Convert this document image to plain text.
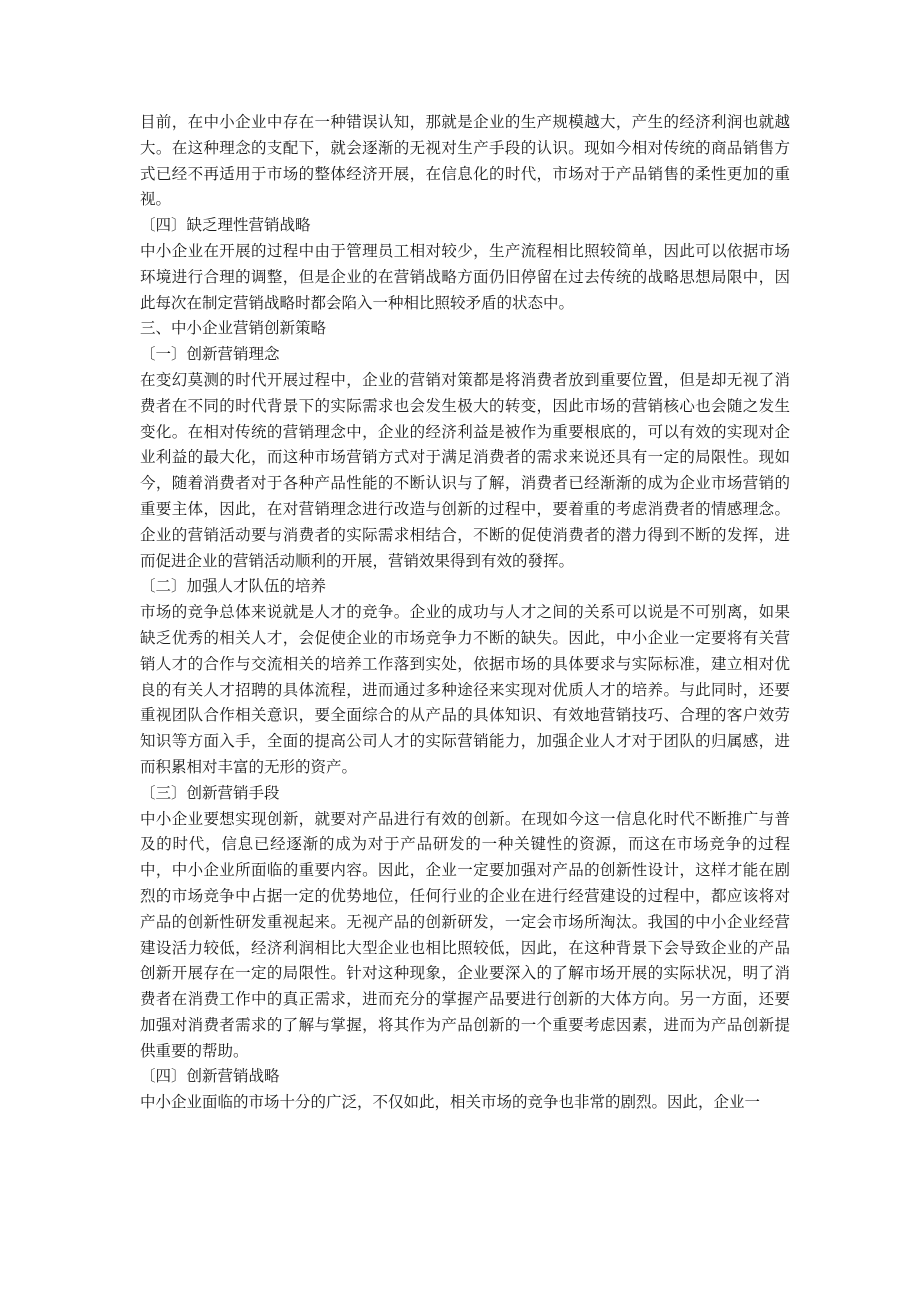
目前，在中小企业中存在一种错误认知，那就是企业的生产规模越大，产生的经济利润也就越大。在这种理念的支配下，就会逐渐的无视对生产手段的认识。现如今相对传统的商品销售方式已经不再适用于市场的整体经济开展，在信息化的时代，市场对于产品销售的柔性更加的重视。

〔四〕缺乏理性营销战略

中小企业在开展的过程中由于管理员工相对较少，生产流程相比照较简单，因此可以依据市场环境进行合理的调整，但是企业的在营销战略方面仍旧停留在过去传统的战略思想局限中，因此每次在制定营销战略时都会陷入一种相比照较矛盾的状态中。

三、中小企业营销创新策略

〔一〕创新营销理念

在变幻莫测的时代开展过程中，企业的营销对策都是将消费者放到重要位置，但是却无视了消费者在不同的时代背景下的实际需求也会发生极大的转变，因此市场的营销核心也会随之发生变化。在相对传统的营销理念中，企业的经济利益是被作为重要根底的，可以有效的实现对企业利益的最大化，而这种市场营销方式对于满足消费者的需求来说还具有一定的局限性。现如今，随着消费者对于各种产品性能的不断认识与了解，消费者已经渐渐的成为企业市场营销的重要主体，因此，在对营销理念进行改造与创新的过程中，要着重的考虑消费者的情感理念。企业的营销活动要与消费者的实际需求相结合，不断的促使消费者的潜力得到不断的发挥，进而促进企业的营销活动顺利的开展，营销效果得到有效的發挥。

〔二〕加强人才队伍的培养

市场的竞争总体来说就是人才的竞争。企业的成功与人才之间的关系可以说是不可别离，如果缺乏优秀的相关人才，会促使企业的市场竞争力不断的缺失。因此，中小企业一定要将有关营销人才的合作与交流相关的培养工作落到实处，依据市场的具体要求与实际标准，建立相对优良的有关人才招聘的具体流程，进而通过多种途径来实现对优质人才的培养。与此同时，还要重视团队合作相关意识，要全面综合的从产品的具体知识、有效地营销技巧、合理的客户效劳知识等方面入手，全面的提高公司人才的实际营销能力，加强企业人才对于团队的归属感，进而积累相对丰富的无形的资产。

〔三〕创新营销手段

中小企业要想实现创新，就要对产品进行有效的创新。在现如今这一信息化时代不断推广与普及的时代，信息已经逐渐的成为对于产品研发的一种关键性的资源，而这在市场竞争的过程中，中小企业所面临的重要内容。因此，企业一定要加强对产品的创新性设计，这样才能在剧烈的市场竞争中占据一定的优势地位，任何行业的企业在进行经营建设的过程中，都应该将对产品的创新性研发重视起来。无视产品的创新研发，一定会市场所淘汰。我国的中小企业经营建设活力较低，经济利润相比大型企业也相比照较低，因此，在这种背景下会导致企业的产品创新开展存在一定的局限性。针对这种现象，企业要深入的了解市场开展的实际状况，明了消费者在消费工作中的真正需求，进而充分的掌握产品要进行创新的大体方向。另一方面，还要加强对消费者需求的了解与掌握，将其作为产品创新的一个重要考虑因素，进而为产品创新提供重要的帮助。

〔四〕创新营销战略

中小企业面临的市场十分的广泛，不仅如此，相关市场的竞争也非常的剧烈。因此，企业一
